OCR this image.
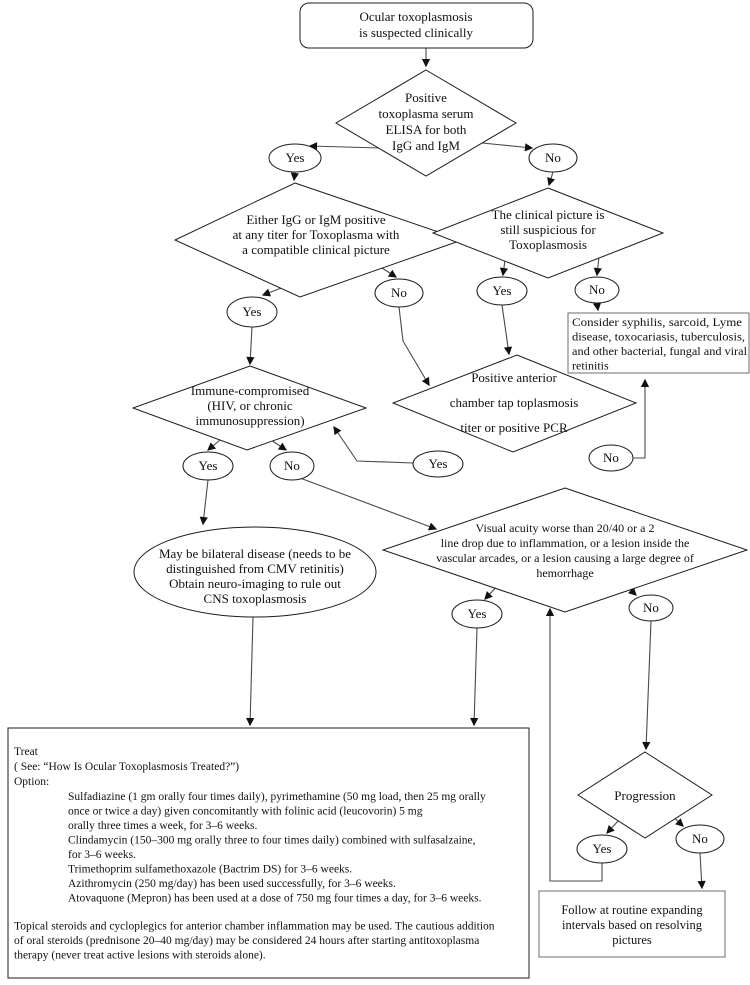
Ocular toxoplasmosis
is suspected clinically
Positive
toxoplasma serum
ELISA for both
IgG and IgM
Either IgG or IgM positive
at any titer for Toxoplasma with
a compatible clinical picture
The clinical picture is
still suspicious for
Toxoplasmosis
Consider syphilis, sarcoid, Lyme
disease, toxocariasis, tuberculosis,
and other bacterial, fungal and viral
retinitis
Positive anterior
chamber tap toplasmosis
titer or positive PCR
Immune-compromised
(HIV, or chronic
immunosuppression)
May be bilateral disease (needs to be
distinguished from CMV retinitis)
Obtain neuro-imaging to rule out
CNS toxoplasmosis
Visual acuity worse than 20/40 or a 2
line drop due to inflammation, or a lesion inside the
vascular arcades, or a lesion causing a large degree of
hemorrhage
Progression
Follow at routine expanding
intervals based on resolving
pictures
Treat
( See: “How Is Ocular Toxoplasmosis Treated?”)
Option:
Sulfadiazine (1 gm orally four times daily), pyrimethamine (50 mg load, then 25 mg orally
once or twice a day) given concomitantly with folinic acid (leucovorin) 5 mg
orally three times a week, for 3–6 weeks.
Clindamycin (150–300 mg orally three to four times daily) combined with sulfasalzaine,
for 3–6 weeks.
Trimethoprim sulfamethoxazole (Bactrim DS) for 3–6 weeks.
Azithromycin (250 mg/day) has been used successfully, for 3–6 weeks.
Atovaquone (Mepron) has been used at a dose of 750 mg four times a day, for 3–6 weeks.
Topical steroids and cycloplegics for anterior chamber inflammation may be used. The cautious addition
of oral steroids (prednisone 20–40 mg/day) may be considered 24 hours after starting antitoxoplasma
therapy (never treat active lesions with steroids alone).
Yes	No
Yes
No	Yes	No
Yes	No
Yes	No
Yes	No
Yes
No
